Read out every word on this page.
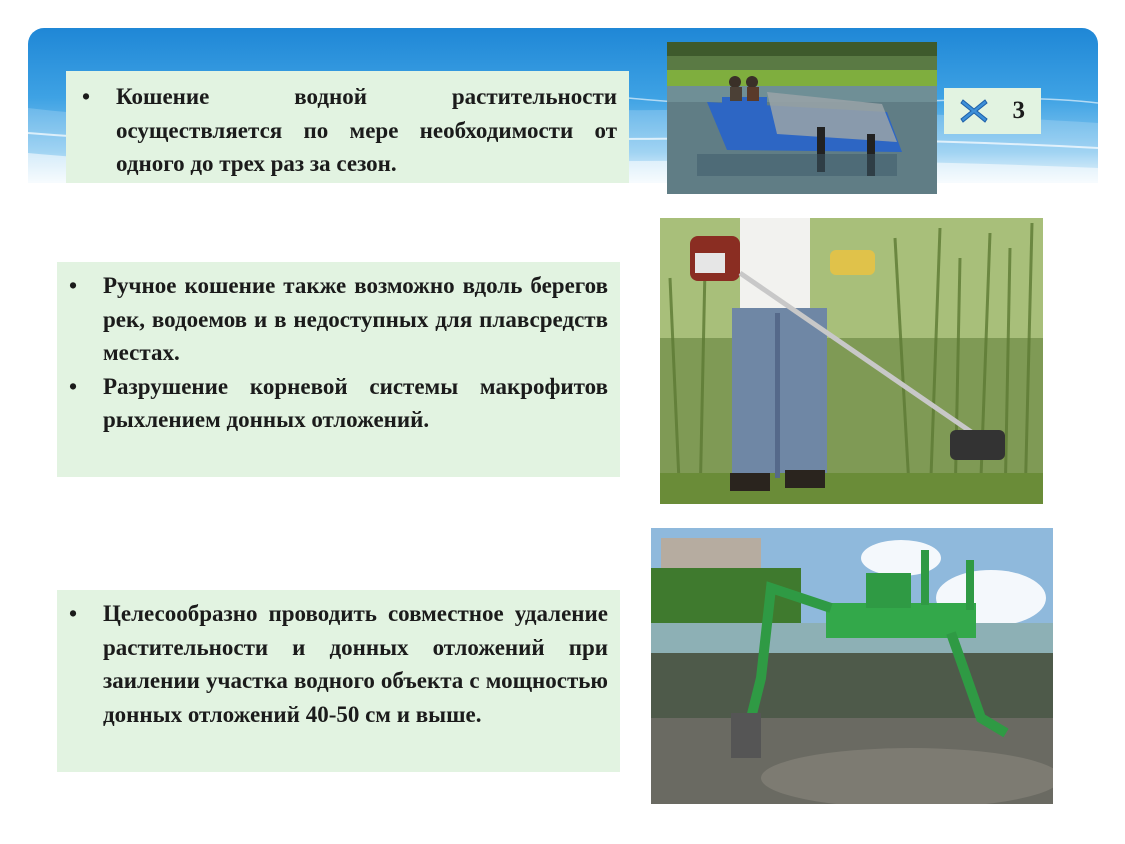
•	Кошение водной растительности осуществляется по мере необходимости от одного до трех раз за сезон.
•	Ручное кошение также возможно вдоль берегов рек, водоемов и в недоступных для плавсредств местах.
•	Разрушение корневой системы макрофитов рыхлением донных отложений.
•	Целесообразно проводить совместное удаление растительности и донных отложений при заилении участка водного объекта с мощностью донных отложений 40-50 см и выше.
3
